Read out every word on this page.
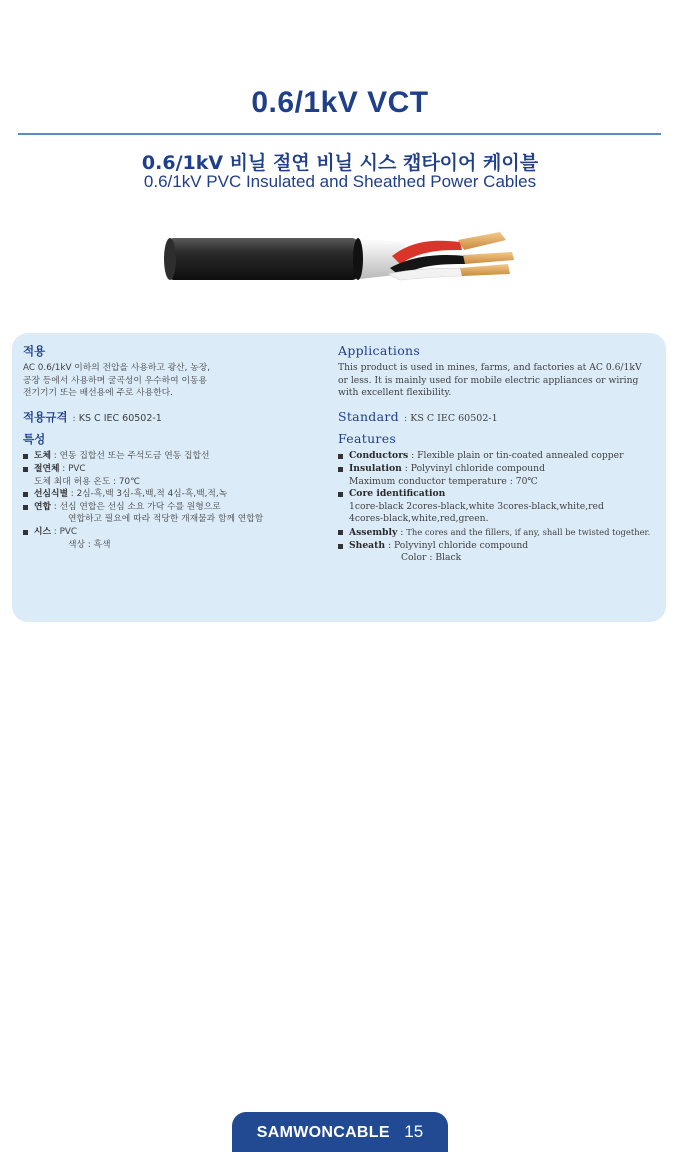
0.6/1kV VCT
0.6/1kV 비닐 절연 비닐 시스 캡타이어 케이블
0.6/1kV PVC Insulated and Sheathed Power Cables
적용

AC 0.6/1kV 이하의 전압을 사용하고 광산, 농장,

공장 등에서 사용하며 굴곡성이 우수하여 이동용

전기기기 또는 배선용에 주로 사용한다.

적용규격 : KS C IEC 60502-1
특성
도체 : 연동 집합선 또는 주석도금 연동 집합선
절연체 : PVC
도체 최대 허용 온도 : 70℃
선심식별 : 2심-흑,백 3심-흑,백,적 4심-흑,백,적,녹
연합 : 선심 연합은 선심 소요 가닥 수를 원형으로
연합하고 필요에 따라 적당한 개재물과 함께 연합함
시스 : PVC
색상 : 흑색
Applications

This product is used in mines, farms, and factories at AC 0.6/1kV

or less. It is mainly used for mobile electric appliances or wiring

with excellent flexibility.

Standard : KS C IEC 60502-1
Features
Conductors : Flexible plain or tin-coated annealed copper
Insulation : Polyvinyl chloride compound
Maximum conductor temperature : 70℃
Core identification
1core-black 2cores-black,white 3cores-black,white,red
4cores-black,white,red,green.
Assembly : The cores and the fillers, if any, shall be twisted together.
Sheath : Polyvinyl chloride compound
Color : Black
SAMWONCABLE 15
